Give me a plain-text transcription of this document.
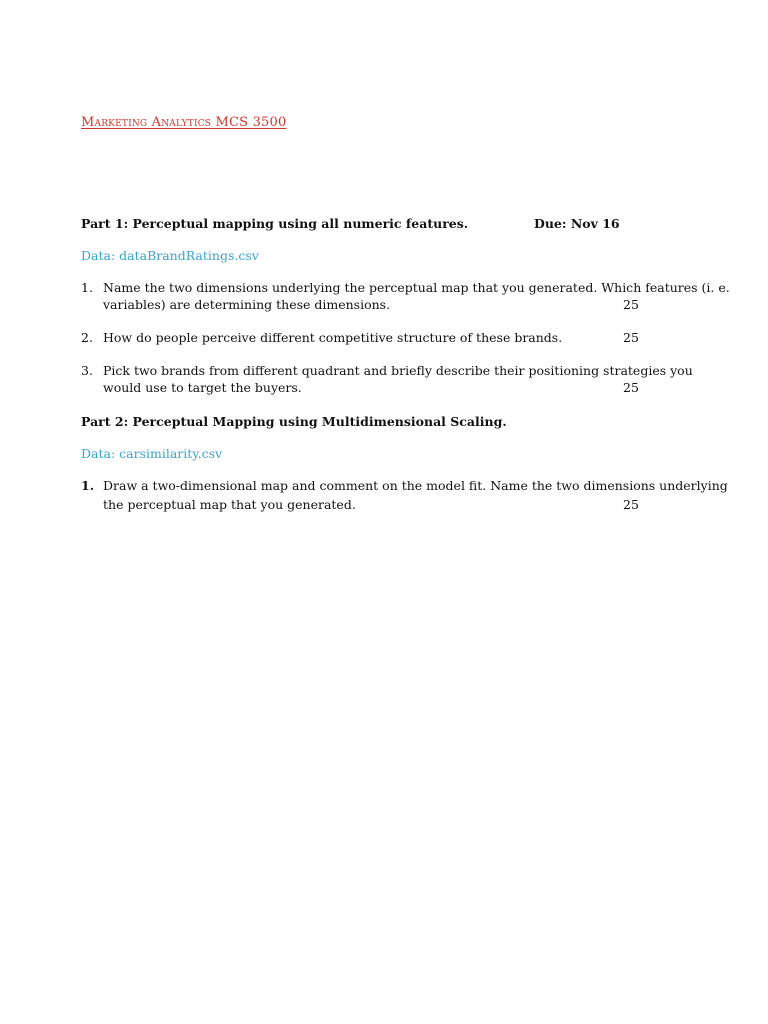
Marketing Analytics MCS 3500
Part 1: Perceptual mapping using all numeric features.	Due: Nov 16
Data: dataBrandRatings.csv
1. Name the two dimensions underlying the perceptual map that you generated. Which features (i. e.
variables) are determining these dimensions.	25
2. How do people perceive different competitive structure of these brands.	25
3. Pick two brands from different quadrant and briefly describe their positioning strategies you
would use to target the buyers.	25
Part 2: Perceptual Mapping using Multidimensional Scaling.
Data: carsimilarity.csv
1. Draw a two-dimensional map and comment on the model fit. Name the two dimensions underlying
the perceptual map that you generated.	25
